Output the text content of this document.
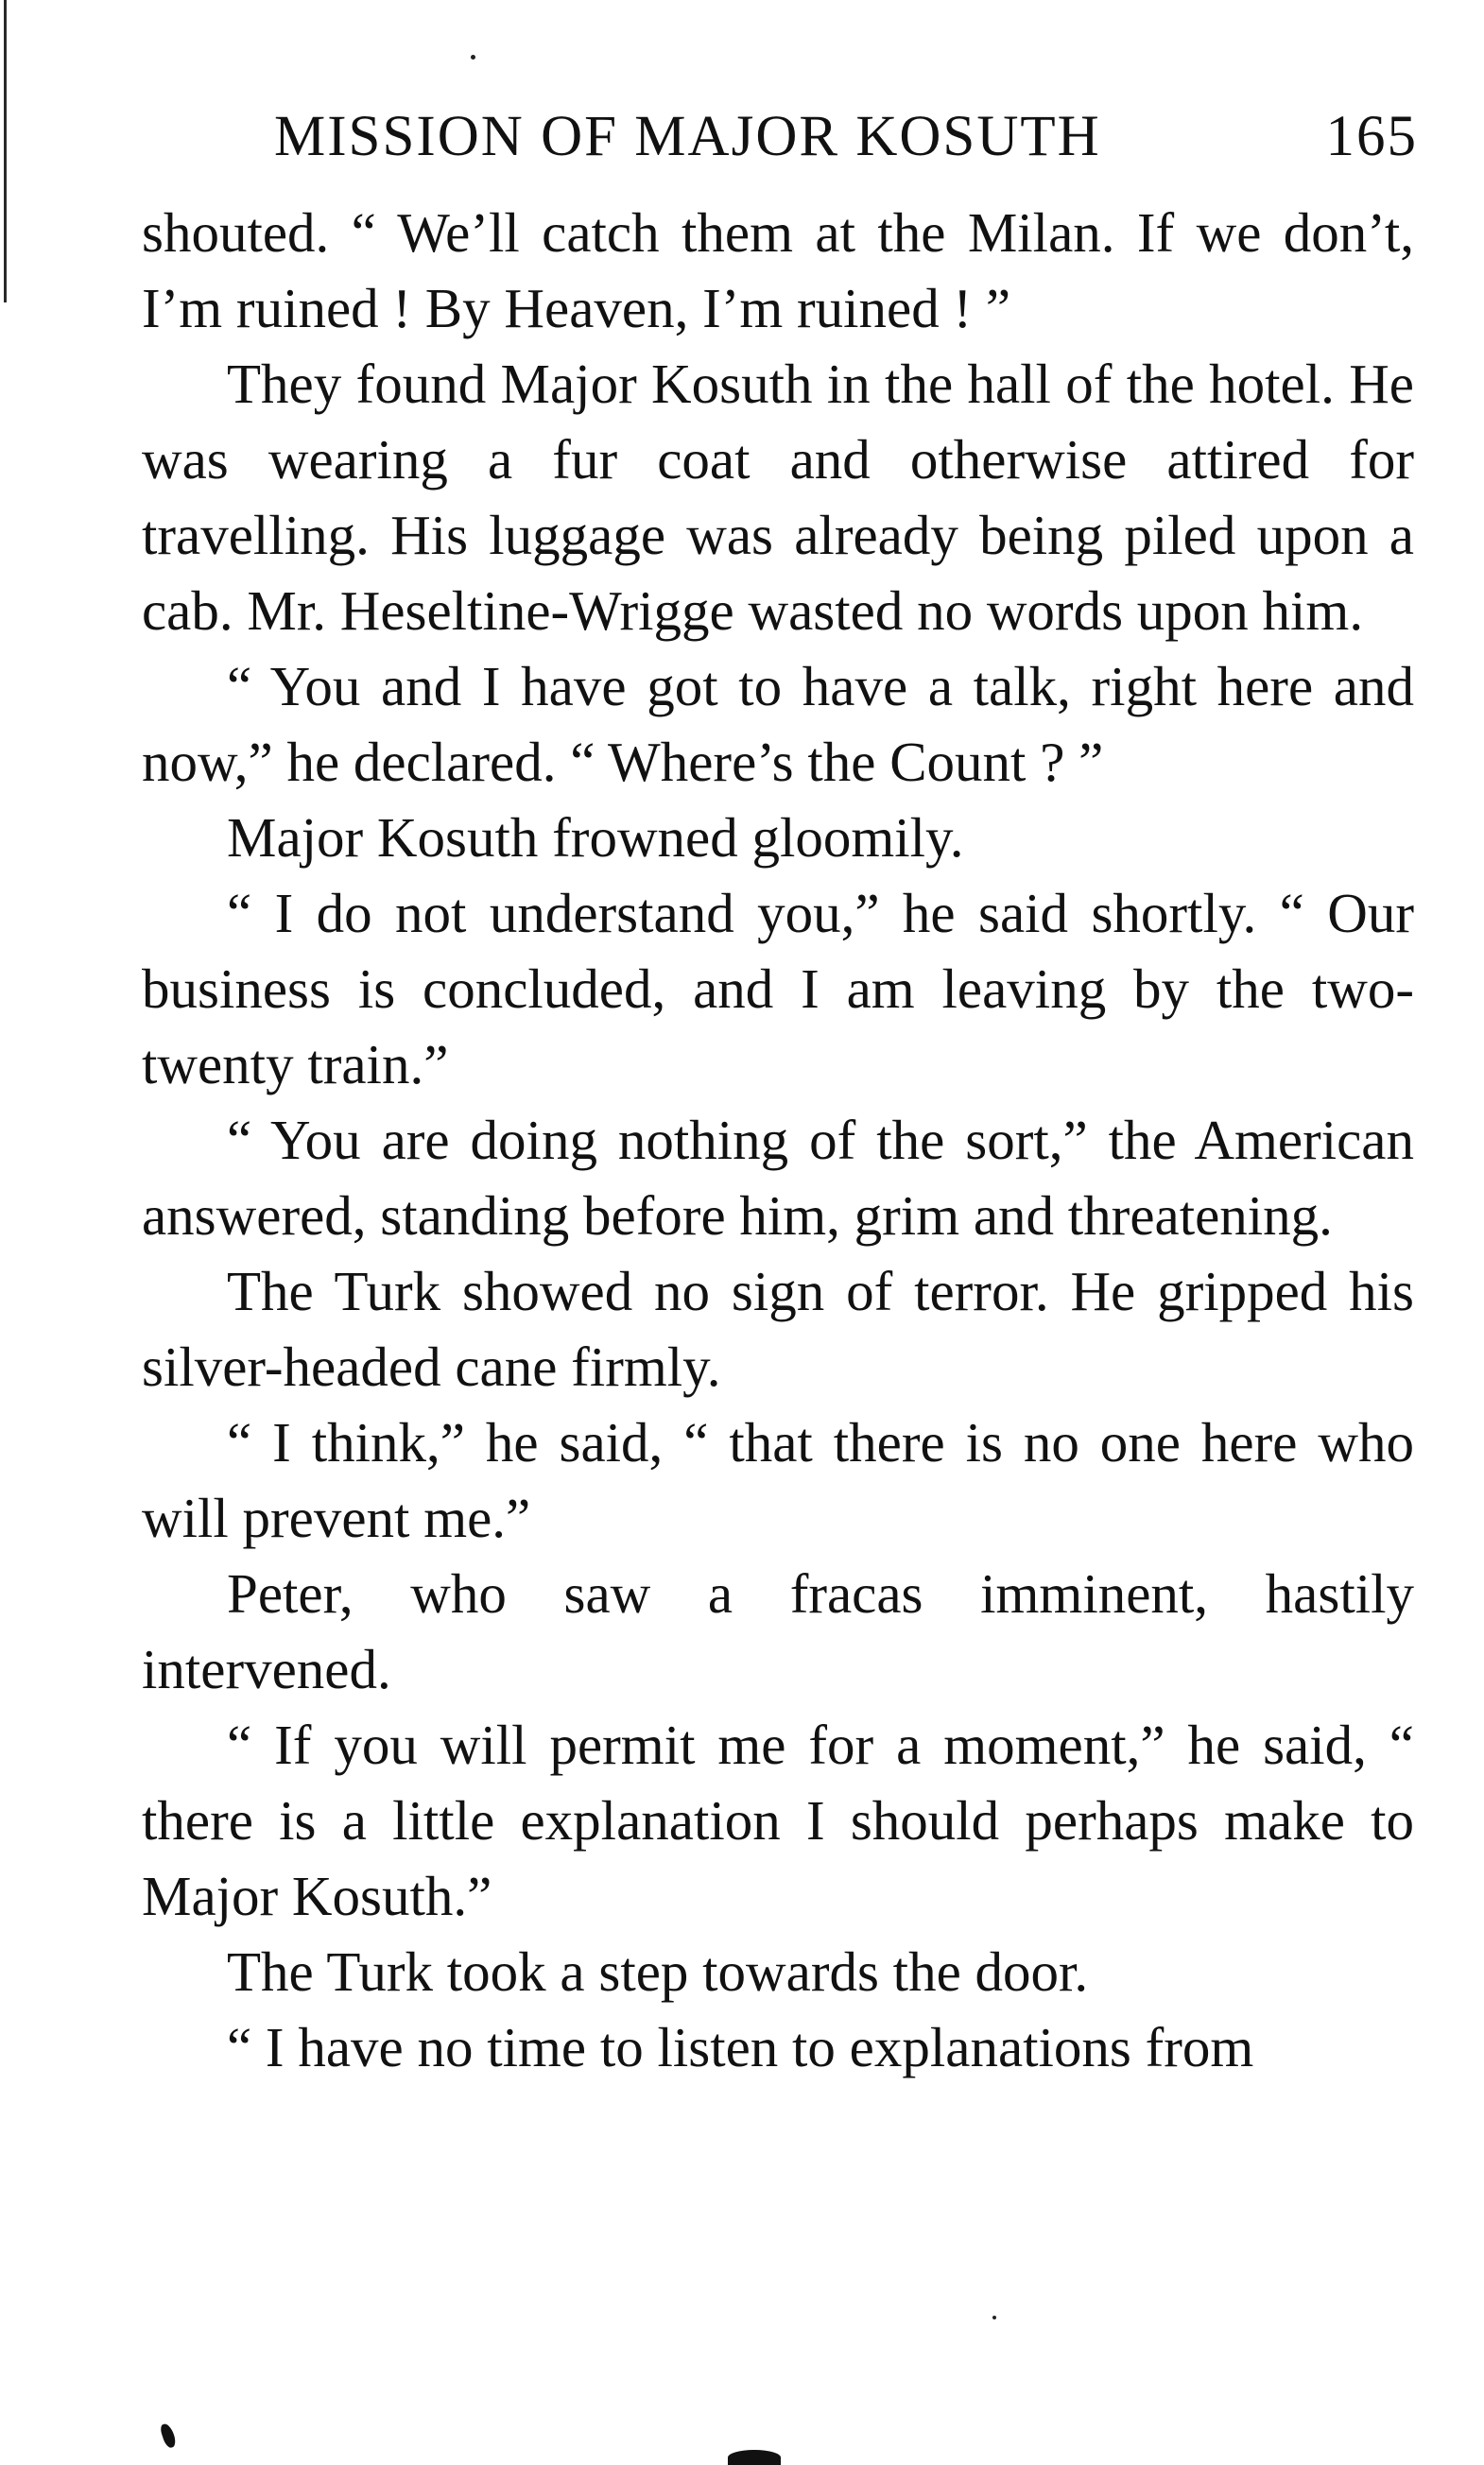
MISSION OF MAJOR KOSUTH	165

shouted. “ We’ll catch them at the Milan. If we don’t, I’m ruined ! By Heaven, I’m ruined ! ”

They found Major Kosuth in the hall of the hotel. He was wearing a fur coat and otherwise attired for travelling. His luggage was already being piled upon a cab. Mr. Heseltine-Wrigge wasted no words upon him.

“ You and I have got to have a talk, right here and now,” he declared. “ Where’s the Count ? ”

Major Kosuth frowned gloomily.

“ I do not understand you,” he said shortly. “ Our business is concluded, and I am leaving by the two-twenty train.”

“ You are doing nothing of the sort,” the American answered, standing before him, grim and threatening.

The Turk showed no sign of terror. He gripped his silver-headed cane firmly.

“ I think,” he said, “ that there is no one here who will prevent me.”

Peter, who saw a fracas imminent, hastily intervened.

“ If you will permit me for a moment,” he said, “ there is a little explanation I should perhaps make to Major Kosuth.”

The Turk took a step towards the door.

“ I have no time to listen to explanations from
